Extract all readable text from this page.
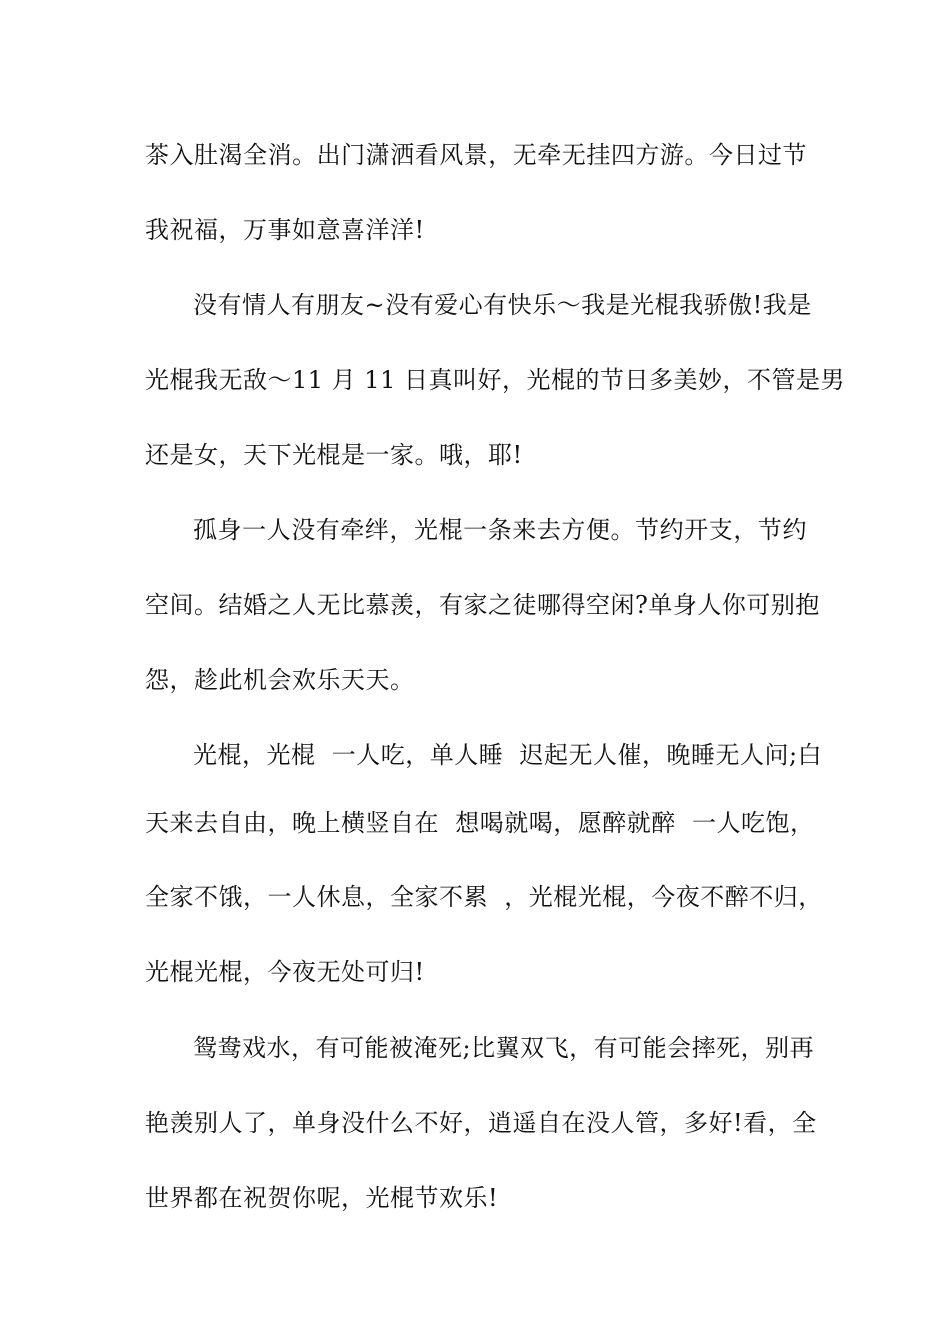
茶入肚渴全消。出门潇洒看风景，无牵无挂四方游。今日过节
我祝福，万事如意喜洋洋!
没有情人有朋友~没有爱心有快乐～我是光棍我骄傲!我是
光棍我无敌～11 月 11 日真叫好，光棍的节日多美妙，不管是男
还是女，天下光棍是一家。哦，耶!
孤身一人没有牵绊，光棍一条来去方便。节约开支，节约
空间。结婚之人无比慕羡，有家之徒哪得空闲?单身人你可别抱
怨，趁此机会欢乐天天。
光棍，光棍  一人吃，单人睡  迟起无人催，晚睡无人问;白
天来去自由，晚上横竖自在  想喝就喝，愿醉就醉  一人吃饱，
全家不饿，一人休息，全家不累  ，光棍光棍，今夜不醉不归，
光棍光棍，今夜无处可归!
鸳鸯戏水，有可能被淹死;比翼双飞，有可能会摔死，别再
艳羡别人了，单身没什么不好，逍遥自在没人管，多好!看，全
世界都在祝贺你呢，光棍节欢乐!
